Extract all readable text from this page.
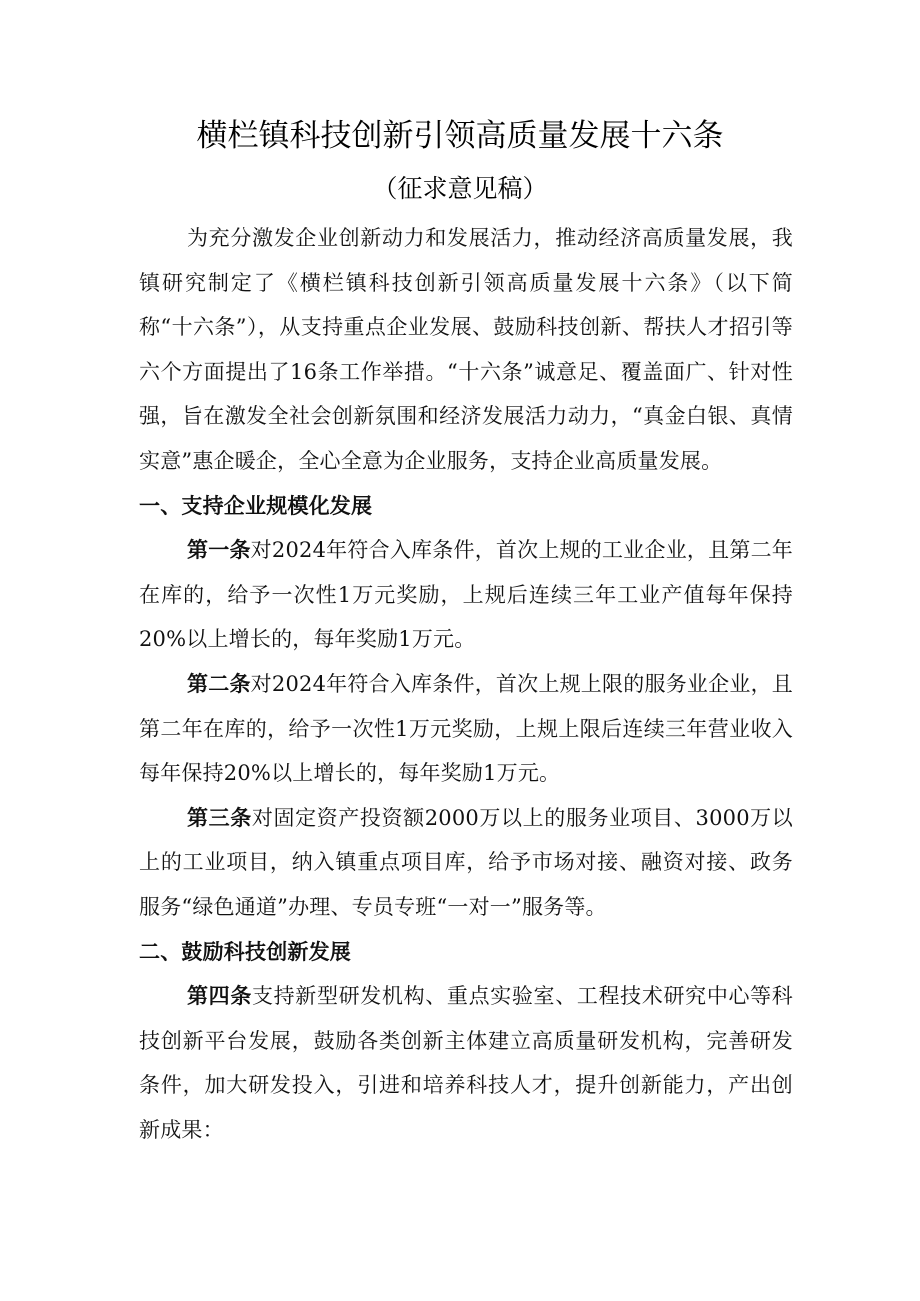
横栏镇科技创新引领高质量发展十六条
（征求意见稿）

为充分激发企业创新动力和发展活力，推动经济高质量发展，我镇研究制定了《横栏镇科技创新引领高质量发展十六条》（以下简称“十六条”），从支持重点企业发展、鼓励科技创新、帮扶人才招引等六个方面提出了16条工作举措。“十六条”诚意足、覆盖面广、针对性强，旨在激发全社会创新氛围和经济发展活力动力，“真金白银、真情实意”惠企暖企，全心全意为企业服务，支持企业高质量发展。

一、支持企业规模化发展

第一条对2024年符合入库条件，首次上规的工业企业，且第二年在库的，给予一次性1万元奖励，上规后连续三年工业产值每年保持20%以上增长的，每年奖励1万元。

第二条对2024年符合入库条件，首次上规上限的服务业企业，且第二年在库的，给予一次性1万元奖励，上规上限后连续三年营业收入每年保持20%以上增长的，每年奖励1万元。

第三条对固定资产投资额2000万以上的服务业项目、3000万以上的工业项目，纳入镇重点项目库，给予市场对接、融资对接、政务服务“绿色通道”办理、专员专班“一对一”服务等。

二、鼓励科技创新发展

第四条支持新型研发机构、重点实验室、工程技术研究中心等科技创新平台发展，鼓励各类创新主体建立高质量研发机构，完善研发条件，加大研发投入，引进和培养科技人才，提升创新能力，产出创新成果：
